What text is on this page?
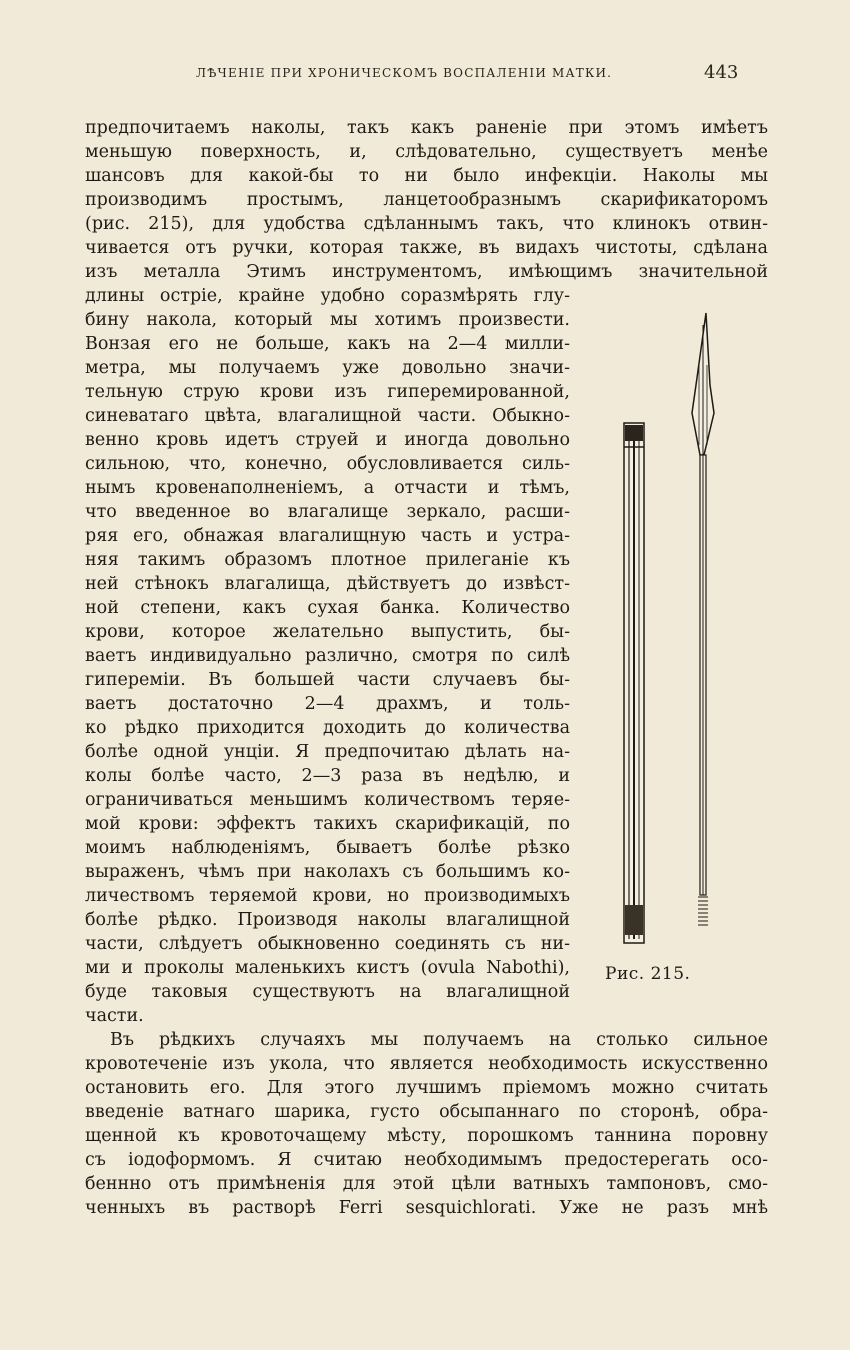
ЛѢЧЕНІЕ ПРИ ХРОНИЧЕСКОМЪ ВОСПАЛЕНІИ МАТКИ.	443
предпочитаемъ наколы, такъ какъ раненіе при этомъ имѣетъ
меньшую поверхность, и, слѣдовательно, существуетъ менѣе
шансовъ для какой-бы то ни было инфекціи. Наколы мы
производимъ простымъ, ланцетообразнымъ скарификаторомъ
(рис. 215), для удобства сдѣланнымъ такъ, что клинокъ отвин-
чивается отъ ручки, которая также, въ видахъ чистоты, сдѣлана
изъ металла Этимъ инструментомъ, имѣющимъ значительной
длины остріе, крайне удобно соразмѣрять глу-
бину накола, который мы хотимъ произвести.
Вонзая его не больше, какъ на 2—4 милли-
метра, мы получаемъ уже довольно значи-
тельную струю крови изъ гиперемированной,
синеватаго цвѣта, влагалищной части. Обыкно-
венно кровь идетъ струей и иногда довольно
сильною, что, конечно, обусловливается силь-
нымъ кровенаполненіемъ, а отчасти и тѣмъ,
что введенное во влагалище зеркало, расши-
ряя его, обнажая влагалищную часть и устра-
няя такимъ образомъ плотное прилеганіе къ
ней стѣнокъ влагалища, дѣйствуетъ до извѣст-
ной степени, какъ сухая банка. Количество
крови, которое желательно выпустить, бы-
ваетъ индивидуально различно, смотря по силѣ
гипереміи. Въ большей части случаевъ бы-
ваетъ достаточно 2—4 драхмъ, и толь-
ко рѣдко приходится доходить до количества
болѣе одной унціи. Я предпочитаю дѣлать на-
колы болѣе часто, 2—3 раза въ недѣлю, и
ограничиваться меньшимъ количествомъ теряе-
мой крови: эффектъ такихъ скарификацій, по
моимъ наблюденіямъ, бываетъ болѣе рѣзко
выраженъ, чѣмъ при наколахъ съ большимъ ко-
личествомъ теряемой крови, но производимыхъ
болѣе рѣдко. Производя наколы влагалищной
части, слѣдуетъ обыкновенно соединять съ ни-
ми и проколы маленькихъ кистъ (ovula Nabothi),
буде таковыя существуютъ на влагалищной
части.
Въ рѣдкихъ случаяхъ мы получаемъ на столько сильное
кровотеченіе изъ укола, что является необходимость искусственно
остановить его. Для этого лучшимъ пріемомъ можно считать
введеніе ватнаго шарика, густо обсыпаннаго по сторонѣ, обра-
щенной къ кровоточащему мѣсту, порошкомъ таннина поровну
съ іодоформомъ. Я считаю необходимымъ предостерегать осо-
беннно отъ примѣненія для этой цѣли ватныхъ тампоновъ, смо-
ченныхъ въ растворѣ Ferri sesquichlorati. Уже не разъ мнѣ
Рис. 215.
